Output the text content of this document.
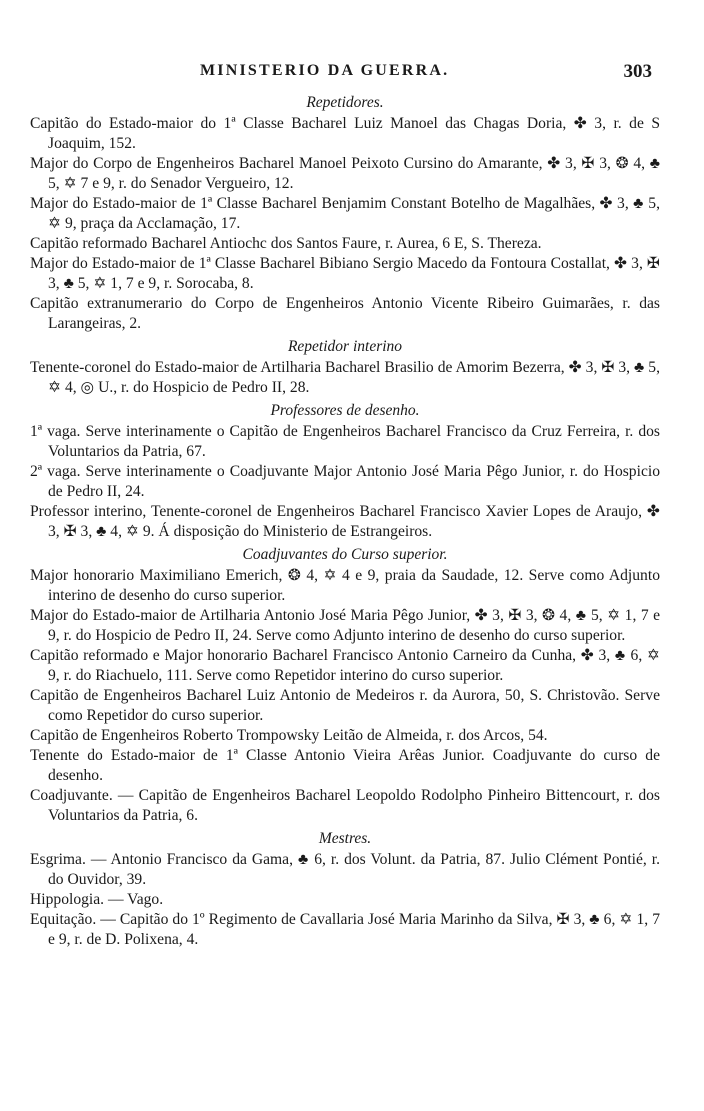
MINISTERIO DA GUERRA.	303
Repetidores.

Capitão do Estado-maior do 1ª Classe Bacharel Luiz Manoel das Chagas Doria, ✤ 3, r. de S Joaquim, 152.

Major do Corpo de Engenheiros Bacharel Manoel Peixoto Cursino do Amarante, ✤ 3, ✠ 3, ❂ 4, ♣ 5, ✡ 7 e 9, r. do Senador Vergueiro, 12.

Major do Estado-maior de 1ª Classe Bacharel Benjamim Constant Botelho de Magalhães, ✤ 3, ♣ 5, ✡ 9, praça da Acclamação, 17.

Capitão reformado Bacharel Antiochc dos Santos Faure, r. Aurea, 6 E, S. Thereza.

Major do Estado-maior de 1ª Classe Bacharel Bibiano Sergio Macedo da Fontoura Costallat, ✤ 3, ✠ 3, ♣ 5, ✡ 1, 7 e 9, r. Sorocaba, 8.

Capitão extranumerario do Corpo de Engenheiros Antonio Vicente Ribeiro Guimarães, r. das Larangeiras, 2.

Repetidor interino

Tenente-coronel do Estado-maior de Artilharia Bacharel Brasilio de Amorim Bezerra, ✤ 3, ✠ 3, ♣ 5, ✡ 4, ◎ U., r. do Hospicio de Pedro II, 28.

Professores de desenho.

1ª vaga. Serve interinamente o Capitão de Engenheiros Bacharel Francisco da Cruz Ferreira, r. dos Voluntarios da Patria, 67.

2ª vaga. Serve interinamente o Coadjuvante Major Antonio José Maria Pêgo Junior, r. do Hospicio de Pedro II, 24.

Professor interino, Tenente-coronel de Engenheiros Bacharel Francisco Xavier Lopes de Araujo, ✤ 3, ✠ 3, ♣ 4, ✡ 9. Á disposição do Ministerio de Estrangeiros.

Coadjuvantes do Curso superior.

Major honorario Maximiliano Emerich, ❂ 4, ✡ 4 e 9, praia da Saudade, 12. Serve como Adjunto interino de desenho do curso superior.

Major do Estado-maior de Artilharia Antonio José Maria Pêgo Junior, ✤ 3, ✠ 3, ❂ 4, ♣ 5, ✡ 1, 7 e 9, r. do Hospicio de Pedro II, 24. Serve como Adjunto interino de desenho do curso superior.

Capitão reformado e Major honorario Bacharel Francisco Antonio Carneiro da Cunha, ✤ 3, ♣ 6, ✡ 9, r. do Riachuelo, 111. Serve como Repetidor interino do curso superior.

Capitão de Engenheiros Bacharel Luiz Antonio de Medeiros r. da Aurora, 50, S. Christovão. Serve como Repetidor do curso superior.

Capitão de Engenheiros Roberto Trompowsky Leitão de Almeida, r. dos Arcos, 54.

Tenente do Estado-maior de 1ª Classe Antonio Vieira Arêas Junior. Coadjuvante do curso de desenho.

Coadjuvante. — Capitão de Engenheiros Bacharel Leopoldo Rodolpho Pinheiro Bittencourt, r. dos Voluntarios da Patria, 6.

Mestres.

Esgrima. — Antonio Francisco da Gama, ♣ 6, r. dos Volunt. da Patria, 87. Julio Clément Pontié, r. do Ouvidor, 39.

Hippologia. — Vago.

Equitação. — Capitão do 1º Regimento de Cavallaria José Maria Marinho da Silva, ✠ 3, ♣ 6, ✡ 1, 7 e 9, r. de D. Polixena, 4.
